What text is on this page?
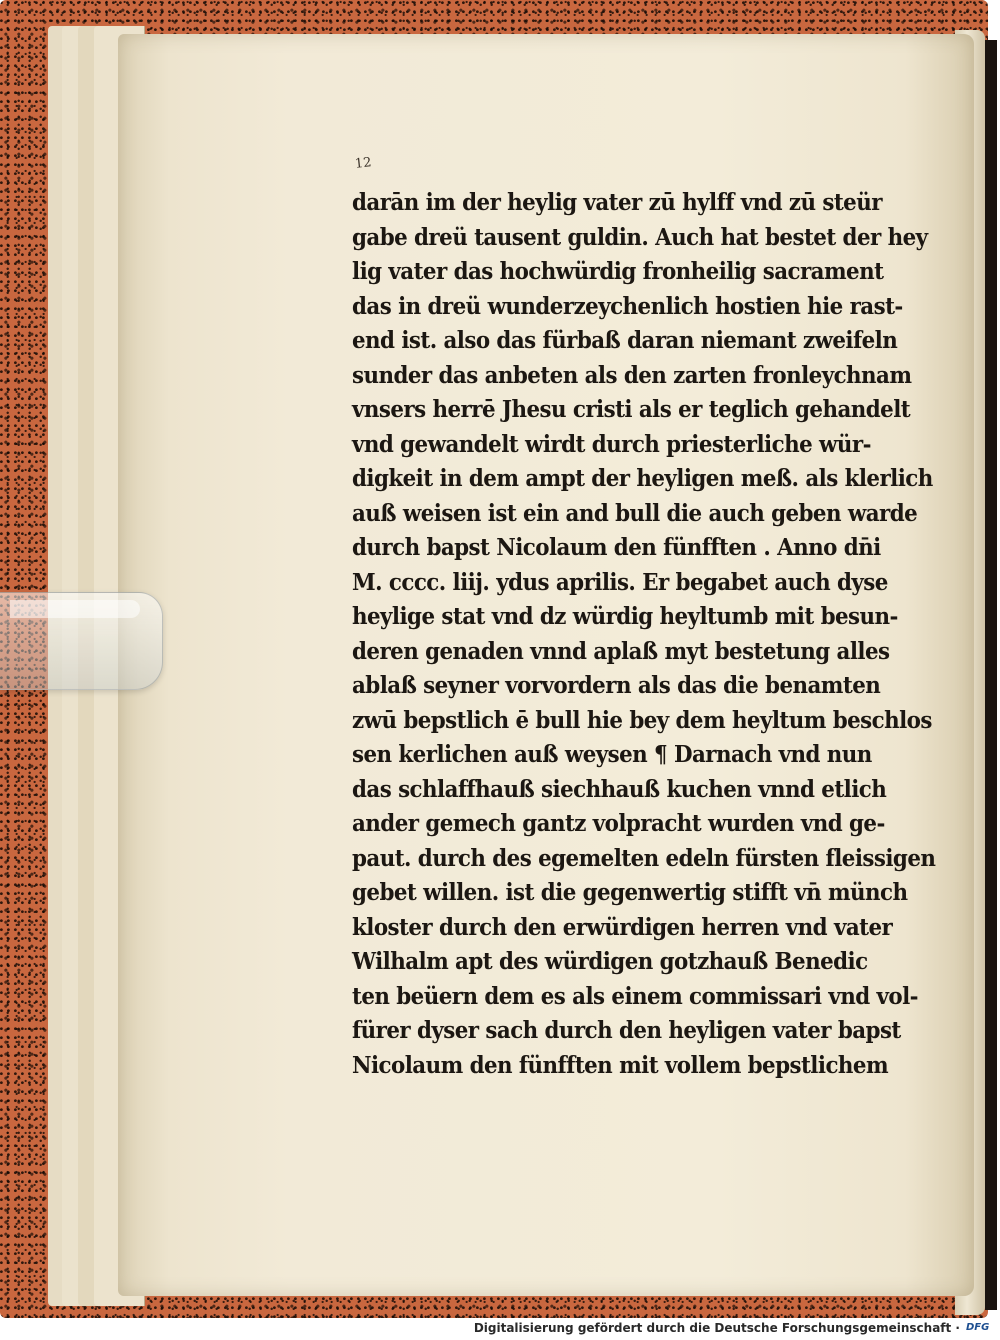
12
darān im der heylig vater zū hylff vnd zū steür
gabe dreü tausent guldin. Auch hat bestet der hey
lig vater das hochwürdig fronheilig sacrament
das in dreü wunderzeychenlich hostien hie rast-
end ist. also das fürbaß daran niemant zweifeln
sunder das anbeten als den zarten fronleychnam
vnsers herrē Jhesu cristi als er teglich gehandelt
vnd gewandelt wirdt durch priesterliche wür-
digkeit in dem ampt der heyligen meß. als klerlich
auß weisen ist ein and bull die auch geben warde
durch bapst Nicolaum den fünfften . Anno dn̄i
M. cccc. liij. ydus aprilis. Er begabet auch dyse
heylige stat vnd dz würdig heyltumb mit besun-
deren genaden vnnd aplaß myt bestetung alles
ablaß seyner vorvordern als das die benamten
zwū bepstlich ē bull hie bey dem heyltum beschlos
sen kerlichen auß weysen ¶ Darnach vnd nun
das schlaffhauß siechhauß kuchen vnnd etlich
ander gemech gantz volpracht wurden vnd ge-
paut. durch des egemelten edeln fürsten fleissigen
gebet willen. ist die gegenwertig stifft vn̄ münch
kloster durch den erwürdigen herren vnd vater
Wilhalm apt des würdigen gotzhauß Benedic
ten beüern dem es als einem commissari vnd vol-
fürer dyser sach durch den heyligen vater bapst
Nicolaum den fünfften mit vollem bepstlichem
Digitalisierung gefördert durch die Deutsche Forschungsgemeinschaft · DFG
